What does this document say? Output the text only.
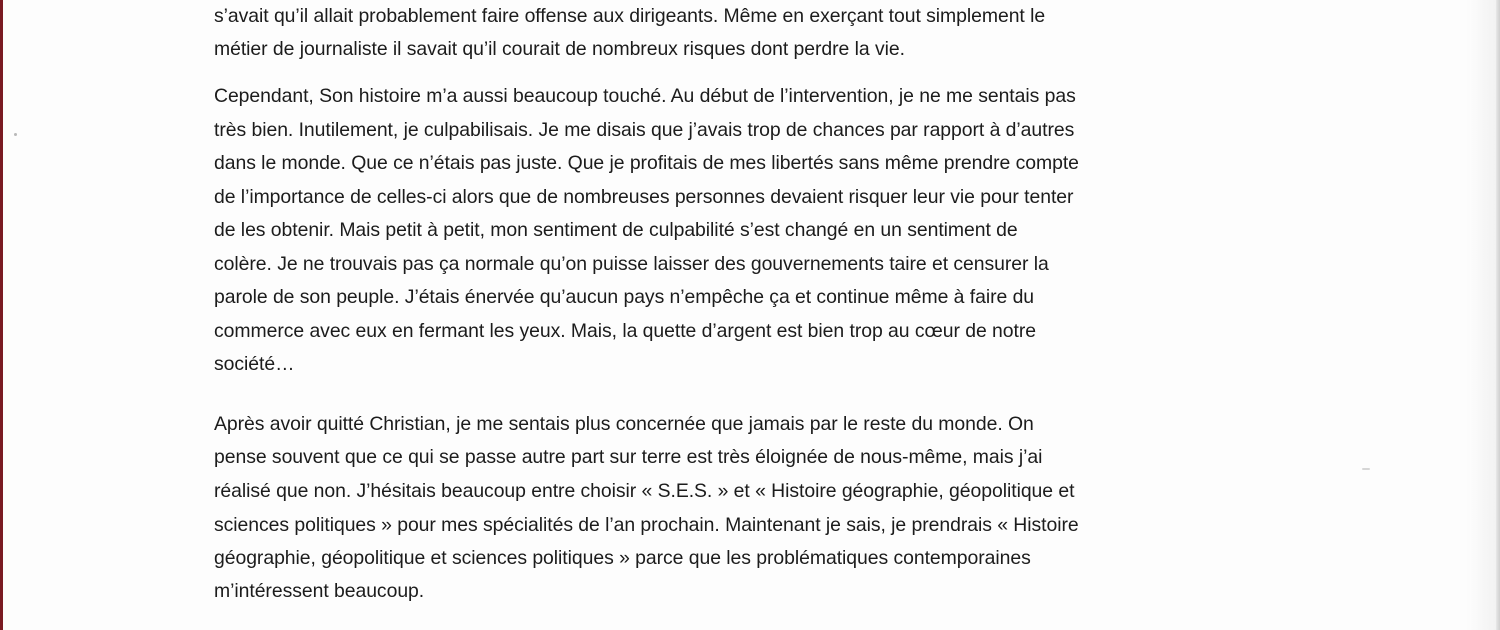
s’avait qu’il allait probablement faire offense aux dirigeants. Même en exerçant tout simplement le
métier de journaliste il savait qu’il courait de nombreux risques dont perdre la vie.
Cependant, Son histoire m’a aussi beaucoup touché. Au début de l’intervention, je ne me sentais pas
très bien. Inutilement, je culpabilisais. Je me disais que j’avais trop de chances par rapport à d’autres
dans le monde. Que ce n’étais pas juste. Que je profitais de mes libertés sans même prendre compte
de l’importance de celles-ci alors que de nombreuses personnes devaient risquer leur vie pour tenter
de les obtenir. Mais petit à petit, mon sentiment de culpabilité s’est changé en un sentiment de
colère. Je ne trouvais pas ça normale qu’on puisse laisser des gouvernements taire et censurer la
parole de son peuple. J’étais énervée qu’aucun pays n’empêche ça et continue même à faire du
commerce avec eux en fermant les yeux. Mais, la quette d’argent est bien trop au cœur de notre
société…
Après avoir quitté Christian, je me sentais plus concernée que jamais par le reste du monde. On
pense souvent que ce qui se passe autre part sur terre est très éloignée de nous-même, mais j’ai
réalisé que non. J’hésitais beaucoup entre choisir « S.E.S. » et « Histoire géographie, géopolitique et
sciences politiques » pour mes spécialités de l’an prochain. Maintenant je sais, je prendrais « Histoire
géographie, géopolitique et sciences politiques » parce que les problématiques contemporaines
m’intéressent beaucoup.
